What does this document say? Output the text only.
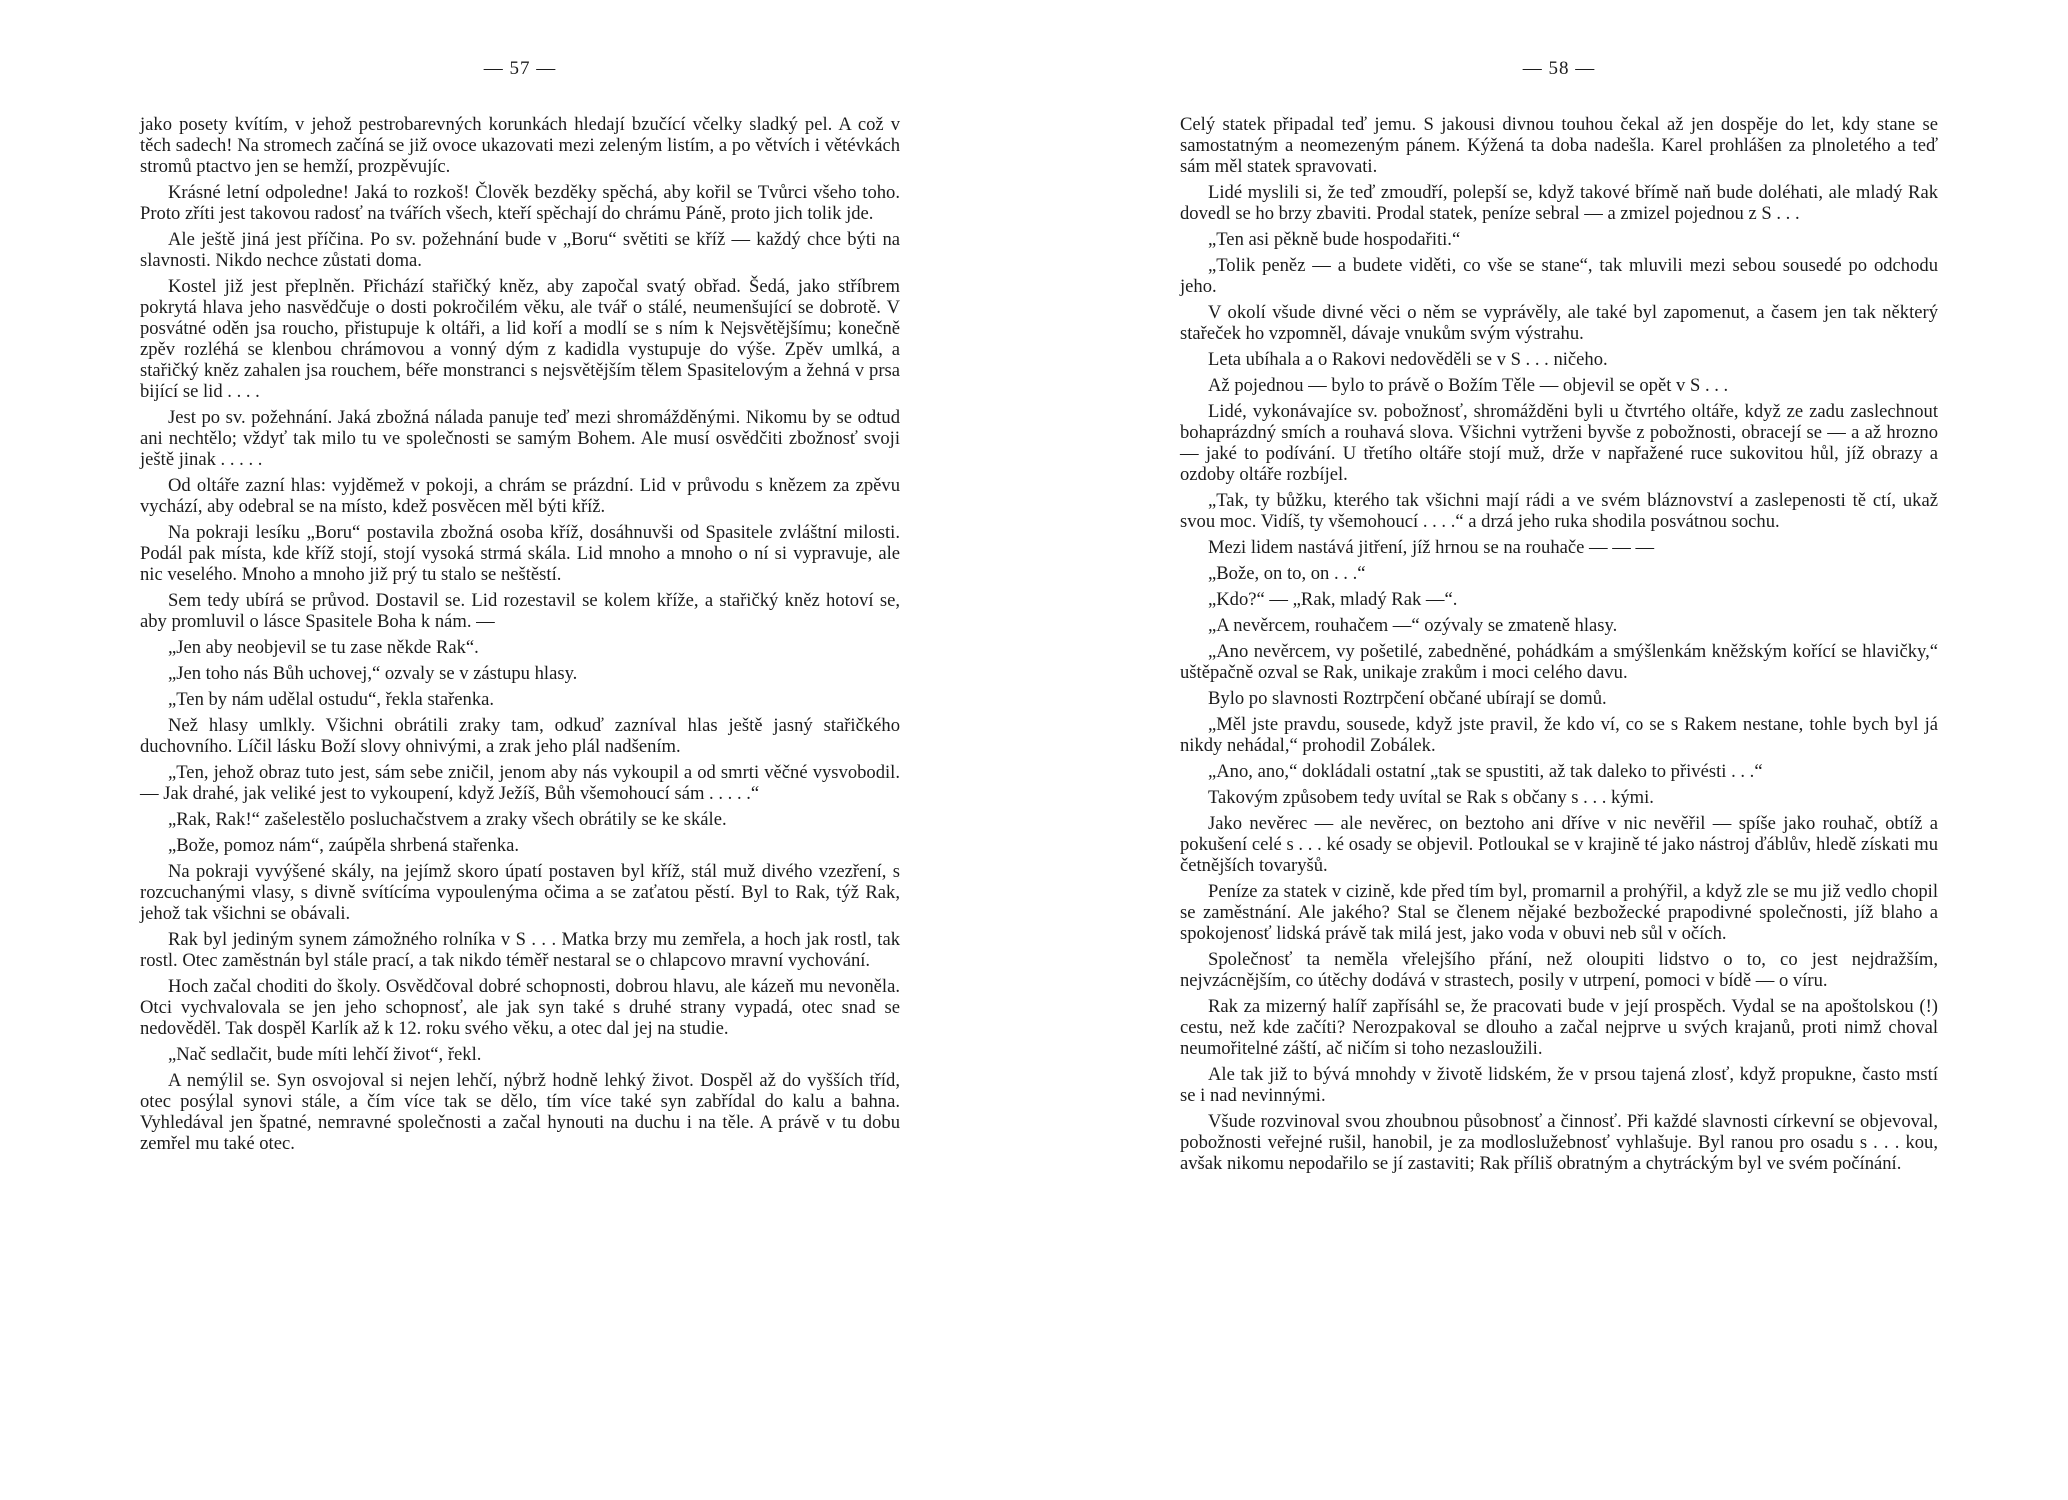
— 57 —

jako posety kvítím, v jehož pestrobarevných korunkách hledají bzučící včelky sladký pel. A což v těch sadech! Na stromech začíná se již ovoce ukazovati mezi zeleným listím, a po větvích i větévkách stromů ptactvo jen se hemží, prozpěvujíc.

Krásné letní odpoledne! Jaká to rozkoš! Člověk bezděky spěchá, aby kořil se Tvůrci všeho toho. Proto zříti jest takovou radosť na tvářích všech, kteří spěchají do chrámu Páně, proto jich tolik jde.

Ale ještě jiná jest příčina. Po sv. požehnání bude v „Boru“ světiti se kříž — každý chce býti na slavnosti. Nikdo nechce zůstati doma.

Kostel již jest přeplněn. Přichází stařičký kněz, aby započal svatý obřad. Šedá, jako stříbrem pokrytá hlava jeho nasvědčuje o dosti pokročilém věku, ale tvář o stálé, neumenšující se dobrotě. V posvátné oděn jsa roucho, přistupuje k oltáři, a lid koří a modlí se s ním k Nejsvětějšímu; konečně zpěv rozléhá se klenbou chrámovou a vonný dým z kadidla vystupuje do výše. Zpěv umlká, a stařičký kněz zahalen jsa rouchem, béře monstranci s nejsvětějším tělem Spasitelovým a žehná v prsa bijící se lid . . . .

Jest po sv. požehnání. Jaká zbožná nálada panuje teď mezi shromážděnými. Nikomu by se odtud ani nechtělo; vždyť tak milo tu ve společnosti se samým Bohem. Ale musí osvědčiti zbožnosť svoji ještě jinak . . . . .

Od oltáře zazní hlas: vyjděmež v pokoji, a chrám se prázdní. Lid v průvodu s knězem za zpěvu vychází, aby odebral se na místo, kdež posvěcen měl býti kříž.

Na pokraji lesíku „Boru“ postavila zbožná osoba kříž, dosáhnuvši od Spasitele zvláštní milosti. Podál pak místa, kde kříž stojí, stojí vysoká strmá skála. Lid mnoho a mnoho o ní si vypravuje, ale nic veselého. Mnoho a mnoho již prý tu stalo se neštěstí.

Sem tedy ubírá se průvod. Dostavil se. Lid rozestavil se kolem kříže, a stařičký kněz hotoví se, aby promluvil o lásce Spasitele Boha k nám. —

„Jen aby neobjevil se tu zase někde Rak“.

„Jen toho nás Bůh uchovej,“ ozvaly se v zástupu hlasy.

„Ten by nám udělal ostudu“, řekla stařenka.

Než hlasy umlkly. Všichni obrátili zraky tam, odkuď zazníval hlas ještě jasný stařičkého duchovního. Líčil lásku Boží slovy ohnivými, a zrak jeho plál nadšením.

„Ten, jehož obraz tuto jest, sám sebe zničil, jenom aby nás vykoupil a od smrti věčné vysvobodil. — Jak drahé, jak veliké jest to vykoupení, když Ježíš, Bůh všemohoucí sám . . . . .“

„Rak, Rak!“ zašelestělo posluchačstvem a zraky všech obrátily se ke skále.

„Bože, pomoz nám“, zaúpěla shrbená stařenka.

Na pokraji vyvýšené skály, na jejímž skoro úpatí postaven byl kříž, stál muž divého vzezření, s rozcuchanými vlasy, s divně svítícíma vypoulenýma očima a se zaťatou pěstí. Byl to Rak, týž Rak, jehož tak všichni se obávali.

Rak byl jediným synem zámožného rolníka v S . . . Matka brzy mu zemřela, a hoch jak rostl, tak rostl. Otec zaměstnán byl stále prací, a tak nikdo téměř nestaral se o chlapcovo mravní vychování.

Hoch začal choditi do školy. Osvědčoval dobré schopnosti, dobrou hlavu, ale kázeň mu nevoněla. Otci vychvalovala se jen jeho schopnosť, ale jak syn také s druhé strany vypadá, otec snad se nedověděl. Tak dospěl Karlík až k 12. roku svého věku, a otec dal jej na studie.

„Nač sedlačit, bude míti lehčí život“, řekl.

A nemýlil se. Syn osvojoval si nejen lehčí, nýbrž hodně lehký život. Dospěl až do vyšších tříd, otec posýlal synovi stále, a čím více tak se dělo, tím více také syn zabřídal do kalu a bahna. Vyhledával jen špatné, nemravné společnosti a začal hynouti na duchu i na těle. A právě v tu dobu zemřel mu také otec.

— 58 —

Celý statek připadal teď jemu. S jakousi divnou touhou čekal až jen dospěje do let, kdy stane se samostatným a neomezeným pánem. Kýžená ta doba nadešla. Karel prohlášen za plnoletého a teď sám měl statek spravovati.

Lidé myslili si, že teď zmoudří, polepší se, když takové břímě naň bude doléhati, ale mladý Rak dovedl se ho brzy zbaviti. Prodal statek, peníze sebral — a zmizel pojednou z S . . .

„Ten asi pěkně bude hospodařiti.“

„Tolik peněz — a budete viděti, co vše se stane“, tak mluvili mezi sebou sousedé po odchodu jeho.

V okolí všude divné věci o něm se vyprávěly, ale také byl zapomenut, a časem jen tak některý stařeček ho vzpomněl, dávaje vnukům svým výstrahu.

Leta ubíhala a o Rakovi nedověděli se v S . . . ničeho.

Až pojednou — bylo to právě o Božím Těle — objevil se opět v S . . .

Lidé, vykonávajíce sv. pobožnosť, shromážděni byli u čtvrtého oltáře, když ze zadu zaslechnout bohaprázdný smích a rouhavá slova. Všichni vytrženi byvše z pobožnosti, obracejí se — a až hrozno — jaké to podívání. U třetího oltáře stojí muž, drže v napřažené ruce sukovitou hůl, jíž obrazy a ozdoby oltáře rozbíjel.

„Tak, ty bůžku, kterého tak všichni mají rádi a ve svém bláznovství a zaslepenosti tě ctí, ukaž svou moc. Vidíš, ty všemohoucí . . . .“ a drzá jeho ruka shodila posvátnou sochu.

Mezi lidem nastává jitření, jíž hrnou se na rouhače — — —

„Bože, on to, on . . .“

„Kdo?“ — „Rak, mladý Rak —“.

„A nevěrcem, rouhačem —“ ozývaly se zmateně hlasy.

„Ano nevěrcem, vy pošetilé, zabedněné, pohádkám a smýšlenkám kněžským kořící se hlavičky,“ uštěpačně ozval se Rak, unikaje zrakům i moci celého davu.

Bylo po slavnosti Roztrpčení občané ubírají se domů.

„Měl jste pravdu, sousede, když jste pravil, že kdo ví, co se s Rakem nestane, tohle bych byl já nikdy nehádal,“ prohodil Zobálek.

„Ano, ano,“ dokládali ostatní „tak se spustiti, až tak daleko to přivésti . . .“

Takovým způsobem tedy uvítal se Rak s občany s . . . kými.

Jako nevěrec — ale nevěrec, on beztoho ani dříve v nic nevěřil — spíše jako rouhač, obtíž a pokušení celé s . . . ké osady se objevil. Potloukal se v krajině té jako nástroj ďáblův, hledě získati mu četnějších tovaryšů.

Peníze za statek v cizině, kde před tím byl, promarnil a prohýřil, a když zle se mu již vedlo chopil se zaměstnání. Ale jakého? Stal se členem nějaké bezbožecké prapodivné společnosti, jíž blaho a spokojenosť lidská právě tak milá jest, jako voda v obuvi neb sůl v očích.

Společnosť ta neměla vřelejšího přání, než oloupiti lidstvo o to, co jest nejdražším, nejvzácnějším, co útěchy dodává v strastech, posily v utrpení, pomoci v bídě — o víru.

Rak za mizerný halíř zapřísáhl se, že pracovati bude v její prospěch. Vydal se na apoštolskou (!) cestu, než kde začíti? Nerozpakoval se dlouho a začal nejprve u svých krajanů, proti nimž choval neumořitelné záští, ač ničím si toho nezasloužili.

Ale tak již to bývá mnohdy v životě lidském, že v prsou tajená zlosť, když propukne, často mstí se i nad nevinnými.

Všude rozvinoval svou zhoubnou působnosť a činnosť. Při každé slavnosti církevní se objevoval, pobožnosti veřejné rušil, hanobil, je za modloslužebnosť vyhlašuje. Byl ranou pro osadu s . . . kou, avšak nikomu nepodařilo se jí zastaviti; Rak příliš obratným a chytráckým byl ve svém počínání.
